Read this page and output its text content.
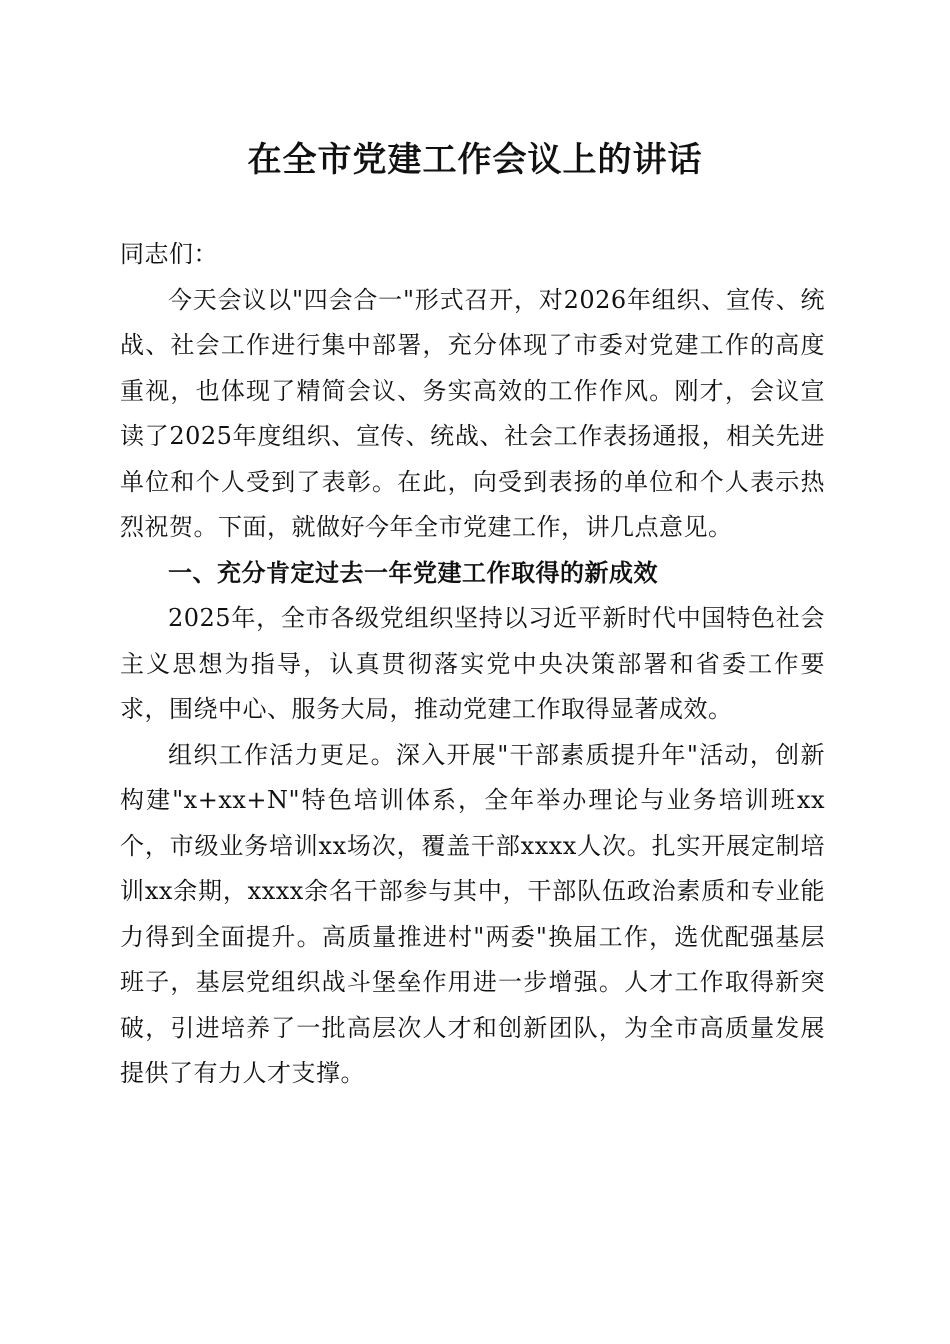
在全市党建工作会议上的讲话

同志们：

今天会议以"四会合一"形式召开，对2026年组织、宣传、统战、社会工作进行集中部署，充分体现了市委对党建工作的高度重视，也体现了精简会议、务实高效的工作作风。刚才，会议宣读了2025年度组织、宣传、统战、社会工作表扬通报，相关先进单位和个人受到了表彰。在此，向受到表扬的单位和个人表示热烈祝贺。下面，就做好今年全市党建工作，讲几点意见。

一、充分肯定过去一年党建工作取得的新成效

2025年，全市各级党组织坚持以习近平新时代中国特色社会主义思想为指导，认真贯彻落实党中央决策部署和省委工作要求，围绕中心、服务大局，推动党建工作取得显著成效。

组织工作活力更足。深入开展"干部素质提升年"活动，创新构建"x+xx+N"特色培训体系，全年举办理论与业务培训班xx个，市级业务培训xx场次，覆盖干部xxxx人次。扎实开展定制培训xx余期，xxxx余名干部参与其中，干部队伍政治素质和专业能力得到全面提升。高质量推进村"两委"换届工作，选优配强基层班子，基层党组织战斗堡垒作用进一步增强。人才工作取得新突破，引进培养了一批高层次人才和创新团队，为全市高质量发展提供了有力人才支撑。
